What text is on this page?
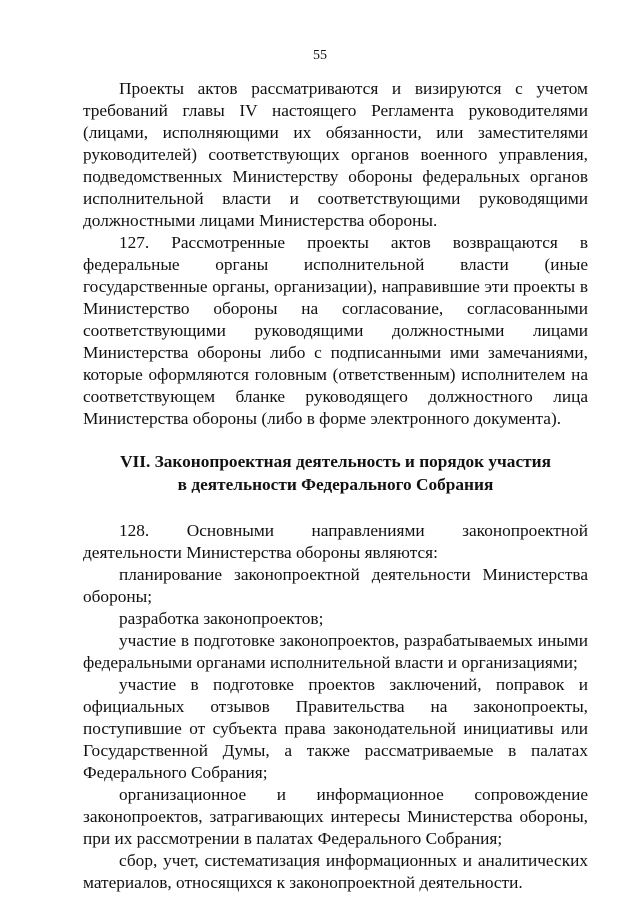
55

Проекты актов рассматриваются и визируются с учетом требований главы IV настоящего Регламента руководителями (лицами, исполняющими их обязанности, или заместителями руководителей) соответствующих органов военного управления, подведомственных Министерству обороны федеральных органов исполнительной власти и соответствующими руководящими должностными лицами Министерства обороны.

127. Рассмотренные проекты актов возвращаются в федеральные органы исполнительной власти (иные государственные органы, организации), направившие эти проекты в Министерство обороны на согласование, согласованными соответствующими руководящими должностными лицами Министерства обороны либо с подписанными ими замечаниями, которые оформляются головным (ответственным) исполнителем на соответствующем бланке руководящего должностного лица Министерства обороны (либо в форме электронного документа).

VII. Законопроектная деятельность и порядок участия
в деятельности Федерального Собрания

128. Основными направлениями законопроектной деятельности Министерства обороны являются:

планирование законопроектной деятельности Министерства обороны;

разработка законопроектов;

участие в подготовке законопроектов, разрабатываемых иными федеральными органами исполнительной власти и организациями;

участие в подготовке проектов заключений, поправок и официальных отзывов Правительства на законопроекты, поступившие от субъекта права законодательной инициативы или Государственной Думы, а также рассматриваемые в палатах Федерального Собрания;

организационное и информационное сопровождение законопроектов, затрагивающих интересы Министерства обороны, при их рассмотрении в палатах Федерального Собрания;

сбор, учет, систематизация информационных и аналитических материалов, относящихся к законопроектной деятельности.
